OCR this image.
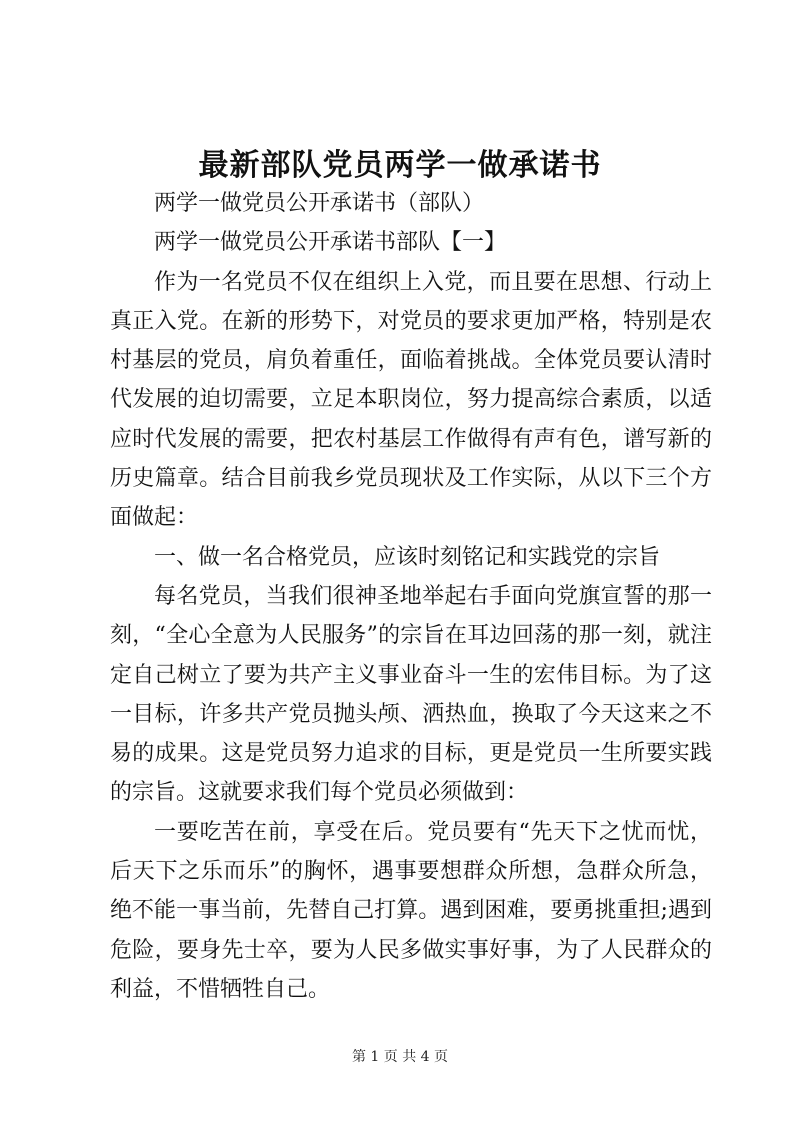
最新部队党员两学一做承诺书

两学一做党员公开承诺书（部队）

两学一做党员公开承诺书部队【一】

作为一名党员不仅在组织上入党，而且要在思想、行动上真正入党。在新的形势下，对党员的要求更加严格，特别是农村基层的党员，肩负着重任，面临着挑战。全体党员要认清时代发展的迫切需要，立足本职岗位，努力提高综合素质，以适应时代发展的需要，把农村基层工作做得有声有色，谱写新的历史篇章。结合目前我乡党员现状及工作实际，从以下三个方面做起：

一、做一名合格党员，应该时刻铭记和实践党的宗旨

每名党员，当我们很神圣地举起右手面向党旗宣誓的那一刻，“全心全意为人民服务”的宗旨在耳边回荡的那一刻，就注定自己树立了要为共产主义事业奋斗一生的宏伟目标。为了这一目标，许多共产党员抛头颅、洒热血，换取了今天这来之不易的成果。这是党员努力追求的目标，更是党员一生所要实践的宗旨。这就要求我们每个党员必须做到：

一要吃苦在前，享受在后。党员要有“先天下之忧而忧，后天下之乐而乐”的胸怀，遇事要想群众所想，急群众所急，绝不能一事当前，先替自己打算。遇到困难，要勇挑重担;遇到危险，要身先士卒，要为人民多做实事好事，为了人民群众的利益，不惜牺牲自己。

第 1 页 共 4 页
